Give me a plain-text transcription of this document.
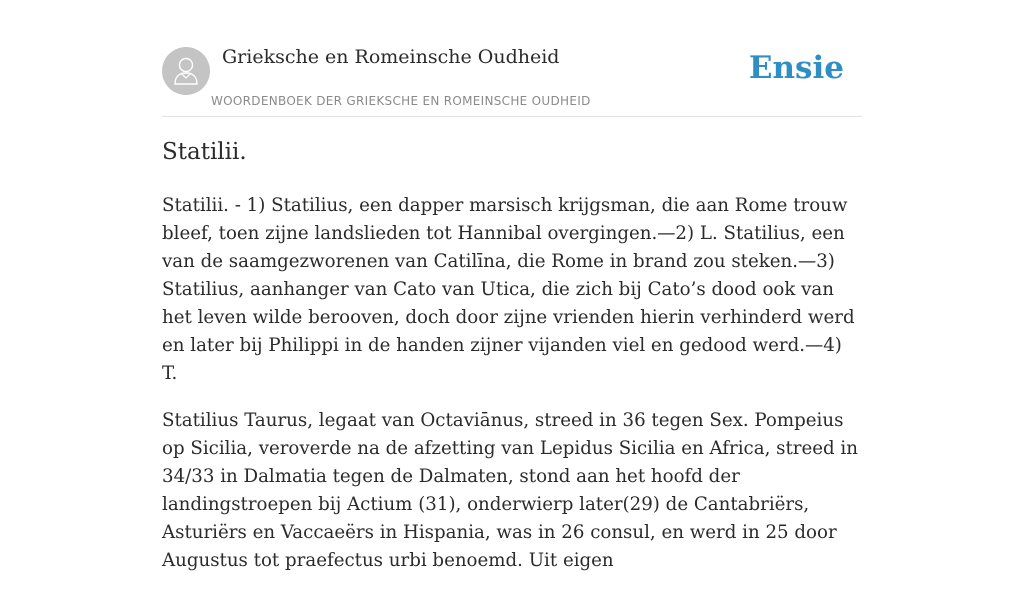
Grieksche en Romeinsche Oudheid
WOORDENBOEK DER GRIEKSCHE EN ROMEINSCHE OUDHEID
Ensie
Statilii.

Statilii. - 1) Statilius, een dapper marsisch krijgsman, die aan Rome trouw bleef, toen zijne landslieden tot Hannibal overgingen.—2) L. Statilius, een van de saamgezworenen van Catilīna, die Rome in brand zou steken.—3) Statilius, aanhanger van Cato van Utica, die zich bij Cato’s dood ook van het leven wilde berooven, doch door zijne vrienden hierin verhinderd werd en later bij Philippi in de handen zijner vijanden viel en gedood werd.—4) T.

Statilius Taurus, legaat van Octaviānus, streed in 36 tegen Sex. Pompeius op Sicilia, veroverde na de afzetting van Lepidus Sicilia en Africa, streed in 34/33 in Dalmatia tegen de Dalmaten, stond aan het hoofd der landingstroepen bij Actium (31), onderwierp later(29) de Cantabriërs, Asturiërs en Vaccaeërs in Hispania, was in 26 consul, en werd in 25 door Augustus tot praefectus urbi benoemd. Uit eigen
